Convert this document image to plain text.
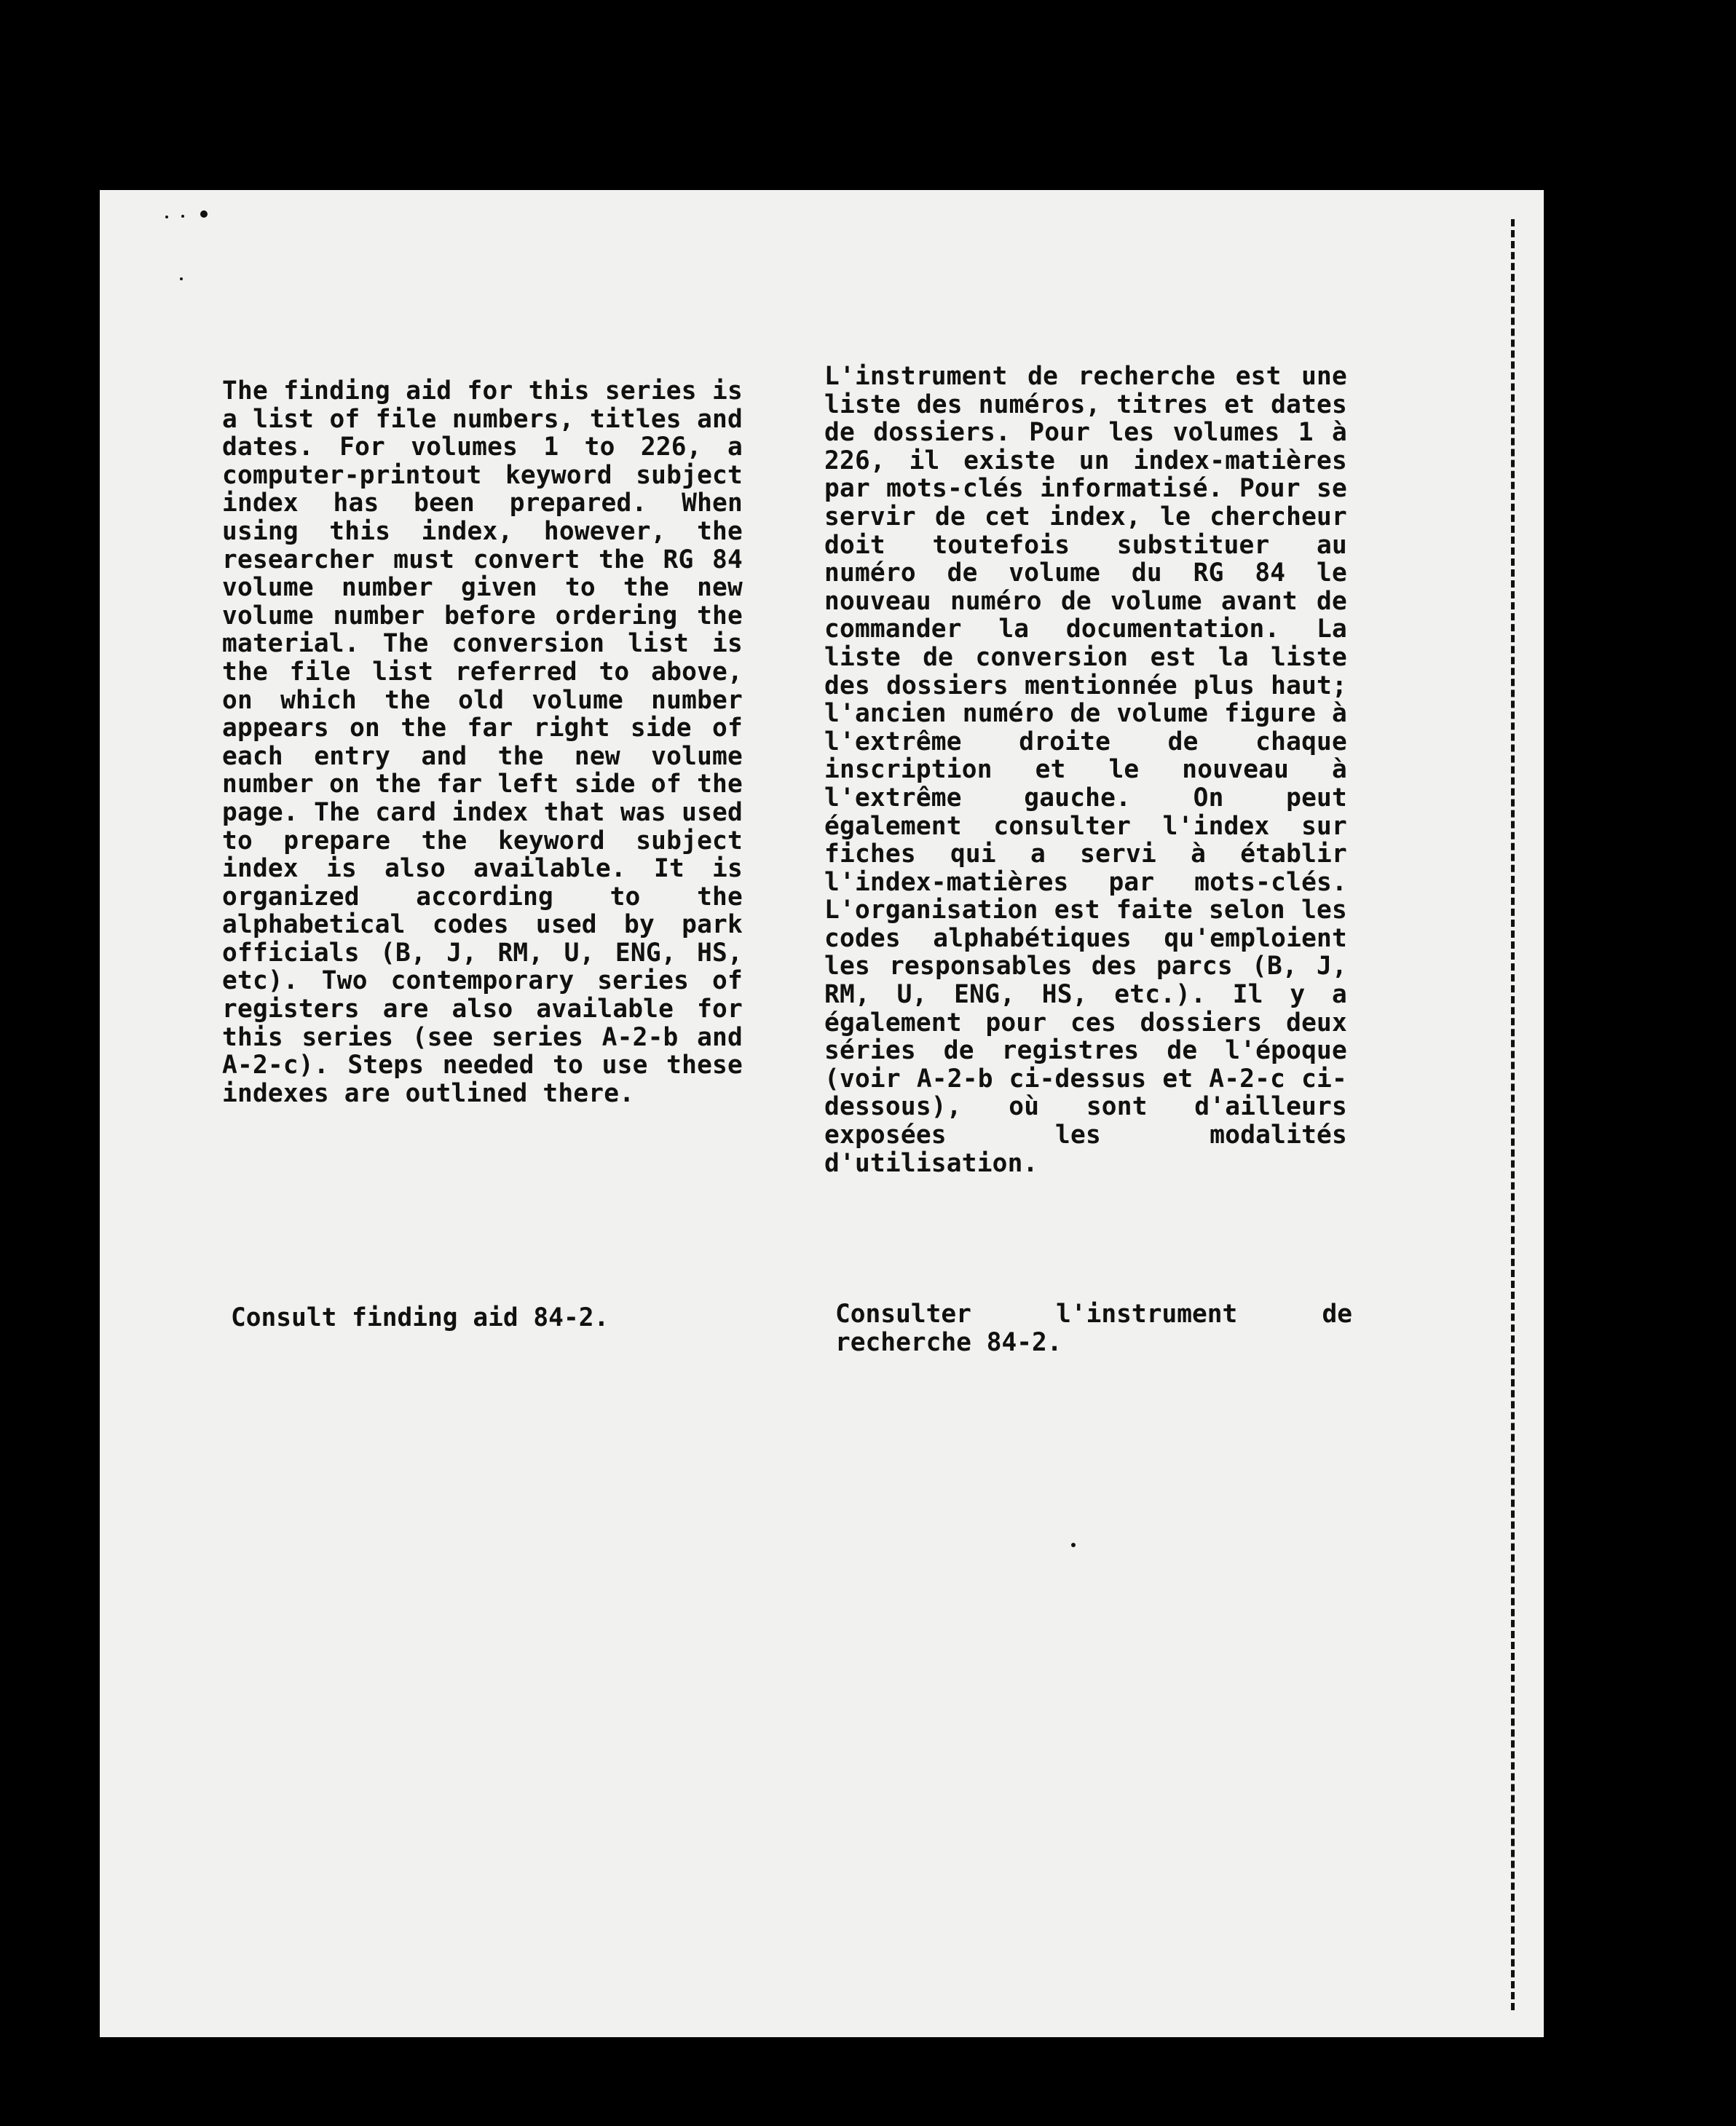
The finding aid for this series is a list of file numbers, titles and dates. For volumes 1 to 226, a computer-printout keyword subject index has been prepared. When using this index, however, the researcher must convert the RG 84 volume number given to the new volume number before ordering the material. The conversion list is the file list referred to above, on which the old volume number appears on the far right side of each entry and the new volume number on the far left side of the page. The card index that was used to prepare the keyword subject index is also available. It is organized according to the alphabetical codes used by park officials (B, J, RM, U, ENG, HS, etc). Two contemporary series of registers are also available for this series (see series A-2-b and A-2-c). Steps needed to use these indexes are outlined there.

L'instrument de recherche est une liste des numéros, titres et dates de dossiers. Pour les volumes 1 à 226, il existe un index-matières par mots-clés informatisé. Pour se servir de cet index, le chercheur doit toutefois substituer au numéro de volume du RG 84 le nouveau numéro de volume avant de commander la documentation. La liste de conversion est la liste des dossiers mentionnée plus haut; l'ancien numéro de volume figure à l'extrême droite de chaque inscription et le nouveau à l'extrême gauche. On peut également consulter l'index sur fiches qui a servi à établir l'index-matières par mots-clés. L'organisation est faite selon les codes alphabétiques qu'emploient les responsables des parcs (B, J, RM, U, ENG, HS, etc.). Il y a également pour ces dossiers deux séries de registres de l'époque (voir A-2-b ci-dessus et A-2-c ci-dessous), où sont d'ailleurs exposées les modalités d'utilisation.

Consult finding aid 84-2.	Consulter l'instrument de recherche 84-2.
